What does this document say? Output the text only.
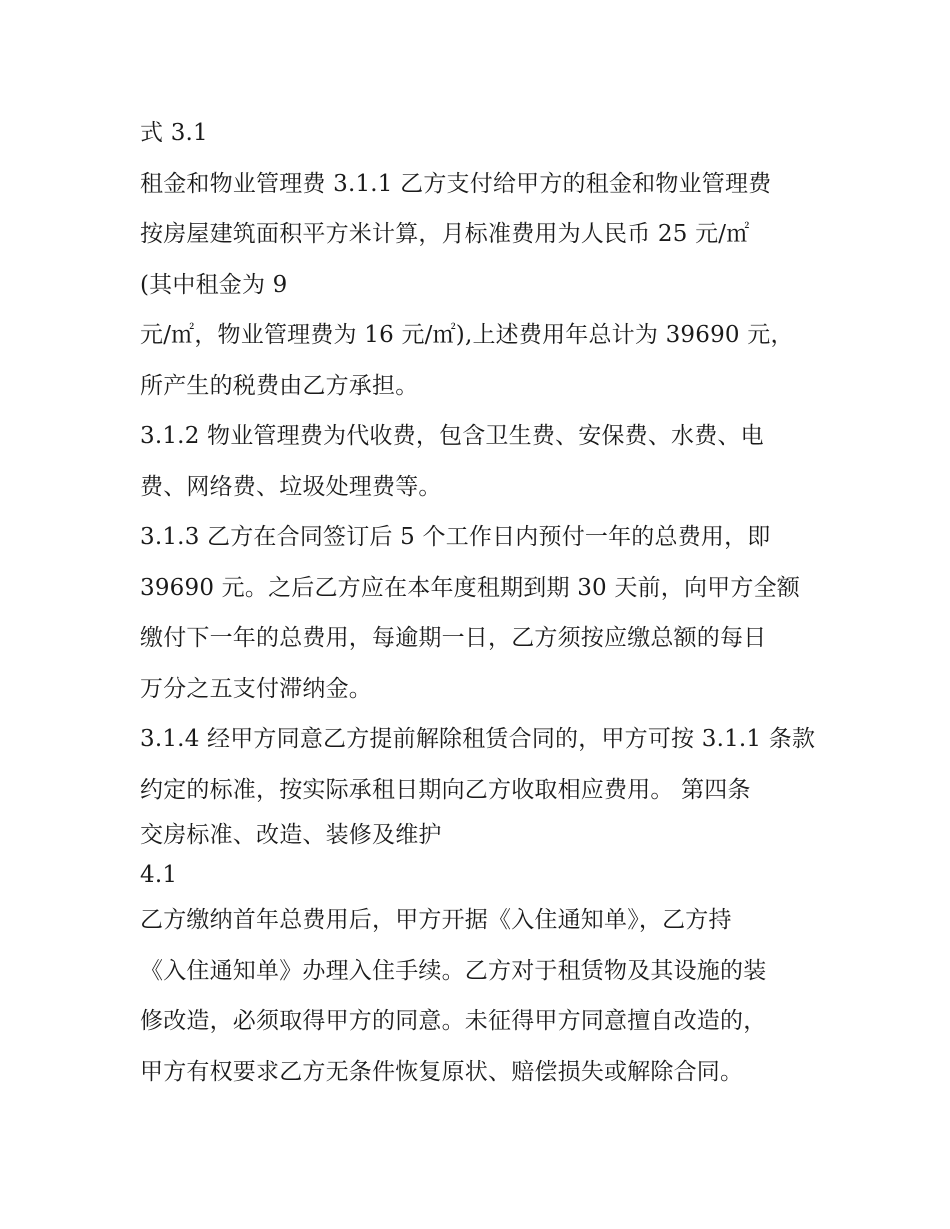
式 3.1
租金和物业管理费 3.1.1 乙方支付给甲方的租金和物业管理费
按房屋建筑面积平方米计算，月标准费用为人民币 25 元/㎡
(其中租金为 9
元/㎡，物业管理费为 16 元/㎡),上述费用年总计为 39690 元，
所产生的税费由乙方承担。
3.1.2 物业管理费为代收费，包含卫生费、安保费、水费、电
费、网络费、垃圾处理费等。
3.1.3 乙方在合同签订后 5 个工作日内预付一年的总费用，即
39690 元。之后乙方应在本年度租期到期 30 天前，向甲方全额
缴付下一年的总费用，每逾期一日，乙方须按应缴总额的每日
万分之五支付滞纳金。
3.1.4 经甲方同意乙方提前解除租赁合同的，甲方可按 3.1.1 条款
约定的标准，按实际承租日期向乙方收取相应费用。 第四条
交房标准、改造、装修及维护
4.1
乙方缴纳首年总费用后，甲方开据《入住通知单》，乙方持
《入住通知单》办理入住手续。乙方对于租赁物及其设施的装
修改造，必须取得甲方的同意。未征得甲方同意擅自改造的，
甲方有权要求乙方无条件恢复原状、赔偿损失或解除合同。
